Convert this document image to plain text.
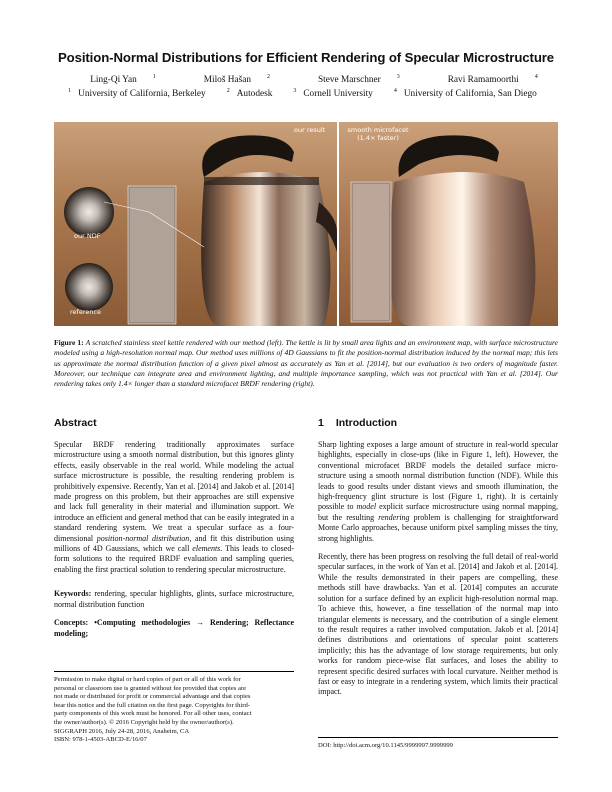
Position-Normal Distributions for Efficient Rendering of Specular Microstructure
Ling-Qi Yan	$^1$	Miloš Hašan	$^2$	Steve Marschner	$^3$	Ravi Ramamoorthi	$^4$
$^1$ University of California, Berkeley	$^2$ Autodesk	$^3$ Cornell University	$^4$ University of California, San Diego
our result
our NDF
reference
smooth microfacet
(1.4× faster)
Figure 1: A scratched stainless steel kettle rendered with our method (left). The kettle is lit by small area lights and an environment map, with surface microstructure modeled using a high-resolution normal map. Our method uses millions of 4D Gaussians to fit the position-normal distribution induced by the normal map; this lets us approximate the normal distribution function of a given pixel almost as accurately as Yan et al. [2014], but our evaluation is two orders of magnitude faster. Moreover, our technique can integrate area and environment lighting, and multiple importance sampling, which was not practical with Yan et al. [2014]. Our rendering takes only 1.4× longer than a standard microfacet BRDF rendering (right).
Abstract

Specular BRDF rendering traditionally approximates surface microstructure using a smooth normal distribution, but this ignores glinty effects, easily observable in the real world. While modeling the actual surface microstructure is possible, the resulting rendering problem is prohibitively expensive. Recently, Yan et al. [2014] and Jakob et al. [2014] made progress on this problem, but their approaches are still expensive and lack full generality in their material and illumination support. We introduce an efficient and general method that can be easily integrated in a standard rendering system. We treat a specular surface as a four-dimensional position-normal distribution, and fit this distribution using millions of 4D Gaussians, which we call elements. This leads to closed-form solutions to the required BRDF evaluation and sampling queries, enabling the first practical solution to rendering specular microstructure.

Keywords: rendering, specular highlights, glints, surface microstructure, normal distribution function

Concepts: •Computing methodologies → Rendering; Reflectance modeling;

Permission to make digital or hard copies of part or all of this work for
personal or classroom use is granted without fee provided that copies are
not made or distributed for profit or commercial advantage and that copies
bear this notice and the full citation on the first page. Copyrights for third-
party components of this work must be honored. For all other uses, contact
the owner/author(s). © 2016 Copyright held by the owner/author(s).
SIGGRAPH 2016, July 24-28, 2016, Anaheim, CA
ISBN: 978-1-4503-ABCD-E/16/07
1 Introduction

Sharp lighting exposes a large amount of structure in real-world specular highlights, especially in close-ups (like in Figure 1, left). However, the conventional microfacet BRDF models the detailed surface micro-structure using a smooth normal distribution function (NDF). While this leads to good results under distant views and smooth illumination, the high-frequency glint structure is lost (Figure 1, right). It is certainly possible to model explicit surface microstructure using normal mapping, but the resulting rendering problem is challenging for straightforward Monte Carlo approaches, because uniform pixel sampling misses the tiny, strong highlights.

Recently, there has been progress on resolving the full detail of real-world specular surfaces, in the work of Yan et al. [2014] and Jakob et al. [2014]. While the results demonstrated in their papers are compelling, these methods still have drawbacks. Yan et al. [2014] computes an accurate solution for a surface defined by an explicit high-resolution normal map. To achieve this, however, a fine tessellation of the normal map into triangular elements is necessary, and the contribution of a single element to the result requires a rather involved computation. Jakob et al. [2014] defines distributions and orientations of specular point scatterers implicitly; this has the advantage of low storage requirements, but only works for random piece-wise flat surfaces, and loses the ability to represent specific desired surfaces with local curvature. Neither method is fast or easy to integrate in a rendering system, which limits their practical impact.

DOI: http://doi.acm.org/10.1145/9999997.9999999
